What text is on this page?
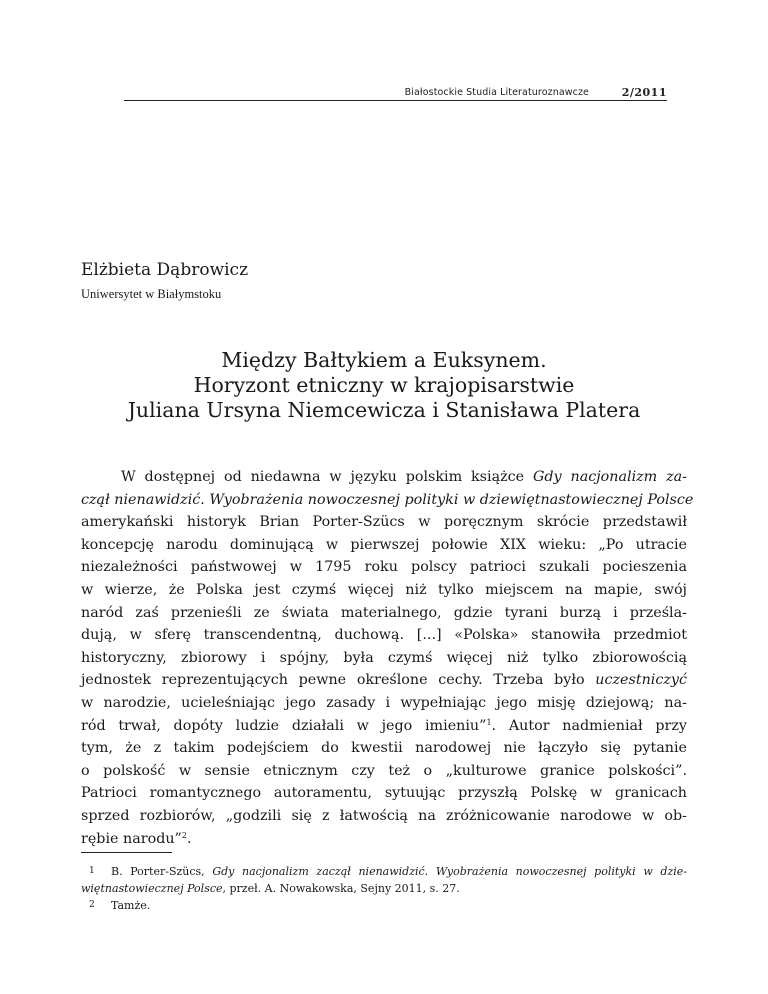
Białostockie Studia Literaturoznawcze	2/2011
Elżbieta Dąbrowicz
Uniwersytet w Białymstoku
Między Bałtykiem a Euksynem.
Horyzont etniczny w krajopisarstwie
Juliana Ursyna Niemcewicza i Stanisława Platera
W dostępnej od niedawna w języku polskim książce Gdy nacjonalizm za-
czął nienawidzić. Wyobrażenia nowoczesnej polityki w dziewiętnastowiecznej Polsce
amerykański historyk Brian Porter-Szücs w poręcznym skrócie przedstawił
koncepcję narodu dominującą w pierwszej połowie XIX wieku: „Po utracie
niezależności państwowej w 1795 roku polscy patrioci szukali pocieszenia
w wierze, że Polska jest czymś więcej niż tylko miejscem na mapie, swój
naród zaś przenieśli ze świata materialnego, gdzie tyrani burzą i prześla-
dują, w sferę transcendentną, duchową. [...] «Polska» stanowiła przedmiot
historyczny, zbiorowy i spójny, była czymś więcej niż tylko zbiorowością
jednostek reprezentujących pewne określone cechy. Trzeba było uczestniczyć
w narodzie, ucieleśniając jego zasady i wypełniając jego misję dziejową; na-
ród trwał, dopóty ludzie działali w jego imieniu”$^1$. Autor nadmieniał przy
tym, że z takim podejściem do kwestii narodowej nie łączyło się pytanie
o polskość w sensie etnicznym czy też o „kulturowe granice polskości”.
Patrioci romantycznego autoramentu, sytuując przyszłą Polskę w granicach
sprzed rozbiorów, „godzili się z łatwością na zróżnicowanie narodowe w ob-
rębie narodu”$^2$.
1 B. Porter-Szücs, Gdy nacjonalizm zaczął nienawidzić. Wyobrażenia nowoczesnej polityki w dzie-
więtnastowiecznej Polsce, przeł. A. Nowakowska, Sejny 2011, s. 27.
2 Tamże.
